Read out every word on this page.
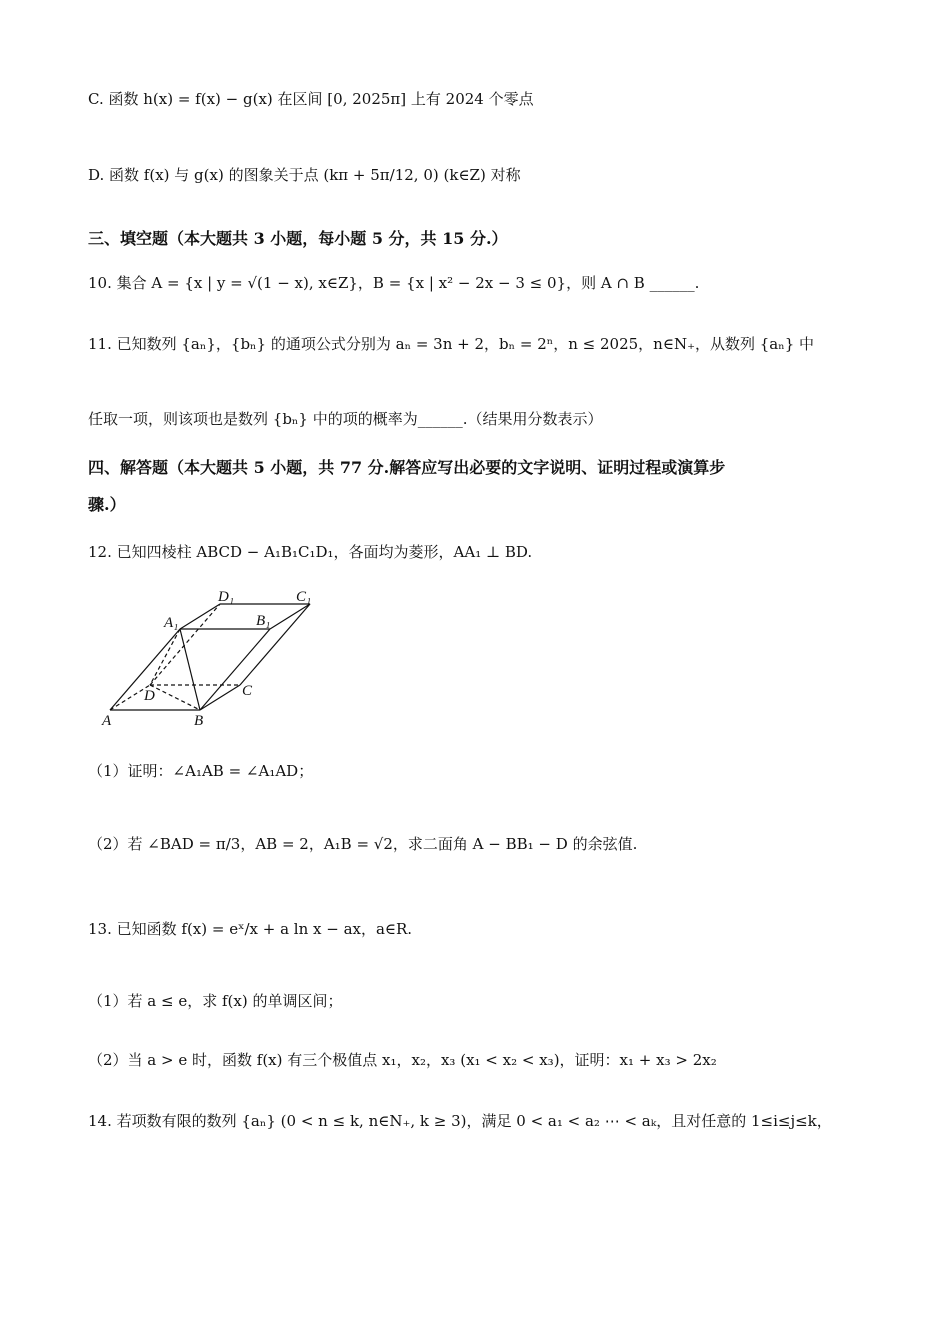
C. 函数 h(x) = f(x) − g(x) 在区间 [0, 2025π] 上有 2024 个零点
D. 函数 f(x) 与 g(x) 的图象关于点 (kπ + 5π/12, 0) (k∈Z) 对称
三、填空题（本大题共 3 小题，每小题 5 分，共 15 分.）
10. 集合 A = {x | y = √(1 − x), x∈Z}，B = {x | x² − 2x − 3 ≤ 0}，则 A ∩ B ______.
11. 已知数列 {aₙ}，{bₙ} 的通项公式分别为 aₙ = 3n + 2，bₙ = 2ⁿ，n ≤ 2025，n∈N₊，从数列 {aₙ} 中
任取一项，则该项也是数列 {bₙ} 中的项的概率为______.（结果用分数表示）
四、解答题（本大题共 5 小题，共 77 分.解答应写出必要的文字说明、证明过程或演算步
骤.）
12. 已知四棱柱 ABCD − A₁B₁C₁D₁，各面均为菱形，AA₁ ⊥ BD.
A	B
C
D
A₁	B₁
C₁
D₁
（1）证明：∠A₁AB = ∠A₁AD；
（2）若 ∠BAD = π/3，AB = 2，A₁B = √2，求二面角 A − BB₁ − D 的余弦值.
13. 已知函数 f(x) = eˣ/x + a ln x − ax，a∈R.
（1）若 a ≤ e，求 f(x) 的单调区间；
（2）当 a > e 时，函数 f(x) 有三个极值点 x₁，x₂，x₃ (x₁ < x₂ < x₃)，证明：x₁ + x₃ > 2x₂
14. 若项数有限的数列 {aₙ} (0 < n ≤ k, n∈N₊, k ≥ 3)，满足 0 < a₁ < a₂ ⋯ < aₖ，且对任意的 1≤i≤j≤k，
